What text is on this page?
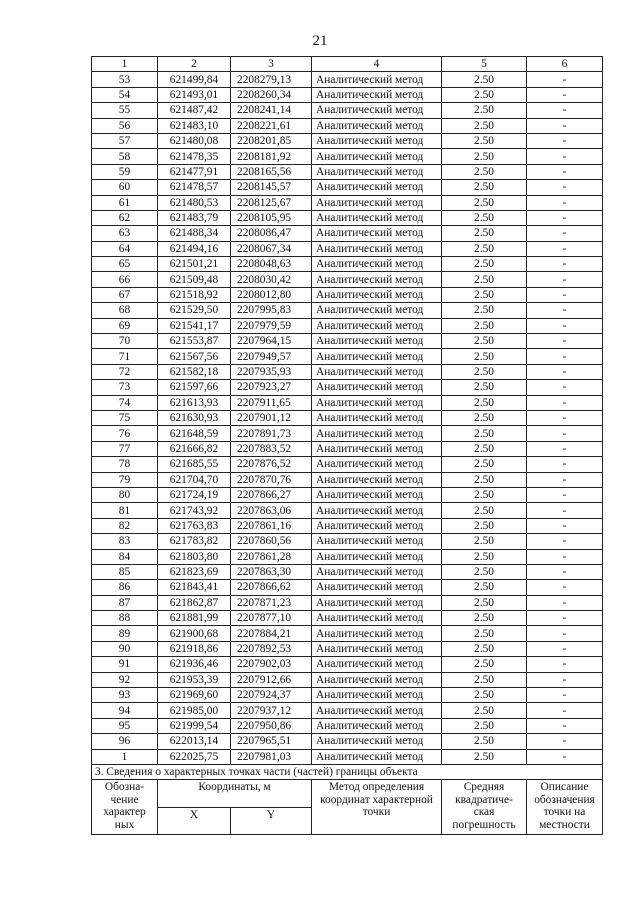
21
1	2	3	4	5	6
53	621499,84	2208279,13	Аналитический метод	2.50	-
54	621493,01	2208260,34	Аналитический метод	2.50	-
55	621487,42	2208241,14	Аналитический метод	2.50	-
56	621483,10	2208221,61	Аналитический метод	2.50	-
57	621480,08	2208201,85	Аналитический метод	2.50	-
58	621478,35	2208181,92	Аналитический метод	2.50	-
59	621477,91	2208165,56	Аналитический метод	2.50	-
60	621478,57	2208145,57	Аналитический метод	2.50	-
61	621480,53	2208125,67	Аналитический метод	2.50	-
62	621483,79	2208105,95	Аналитический метод	2.50	-
63	621488,34	2208086,47	Аналитический метод	2.50	-
64	621494,16	2208067,34	Аналитический метод	2.50	-
65	621501,21	2208048,63	Аналитический метод	2.50	-
66	621509,48	2208030,42	Аналитический метод	2.50	-
67	621518,92	2208012,80	Аналитический метод	2.50	-
68	621529,50	2207995,83	Аналитический метод	2.50	-
69	621541,17	2207979,59	Аналитический метод	2.50	-
70	621553,87	2207964,15	Аналитический метод	2.50	-
71	621567,56	2207949,57	Аналитический метод	2.50	-
72	621582,18	2207935,93	Аналитический метод	2.50	-
73	621597,66	2207923,27	Аналитический метод	2.50	-
74	621613,93	2207911,65	Аналитический метод	2.50	-
75	621630,93	2207901,12	Аналитический метод	2.50	-
76	621648,59	2207891,73	Аналитический метод	2.50	-
77	621666,82	2207883,52	Аналитический метод	2.50	-
78	621685,55	2207876,52	Аналитический метод	2.50	-
79	621704,70	2207870,76	Аналитический метод	2.50	-
80	621724,19	2207866,27	Аналитический метод	2.50	-
81	621743,92	2207863,06	Аналитический метод	2.50	-
82	621763,83	2207861,16	Аналитический метод	2.50	-
83	621783,82	2207860,56	Аналитический метод	2.50	-
84	621803,80	2207861,28	Аналитический метод	2.50	-
85	621823,69	2207863,30	Аналитический метод	2.50	-
86	621843,41	2207866,62	Аналитический метод	2.50	-
87	621862,87	2207871,23	Аналитический метод	2.50	-
88	621881,99	2207877,10	Аналитический метод	2.50	-
89	621900,68	2207884,21	Аналитический метод	2.50	-
90	621918,86	2207892,53	Аналитический метод	2.50	-
91	621936,46	2207902,03	Аналитический метод	2.50	-
92	621953,39	2207912,66	Аналитический метод	2.50	-
93	621969,60	2207924,37	Аналитический метод	2.50	-
94	621985,00	2207937,12	Аналитический метод	2.50	-
95	621999,54	2207950,86	Аналитический метод	2.50	-
96	622013,14	2207965,51	Аналитический метод	2.50	-
1	622025,75	2207981,03	Аналитический метод	2.50	-
3. Сведения о характерных точках части (частей) границы объекта					
Обозна- чение характер ных	Координаты, м		Метод определения координат характерной точки	Средняя квадратиче- ская погрешность	Описание обозначения точки на местности
	X	Y			
